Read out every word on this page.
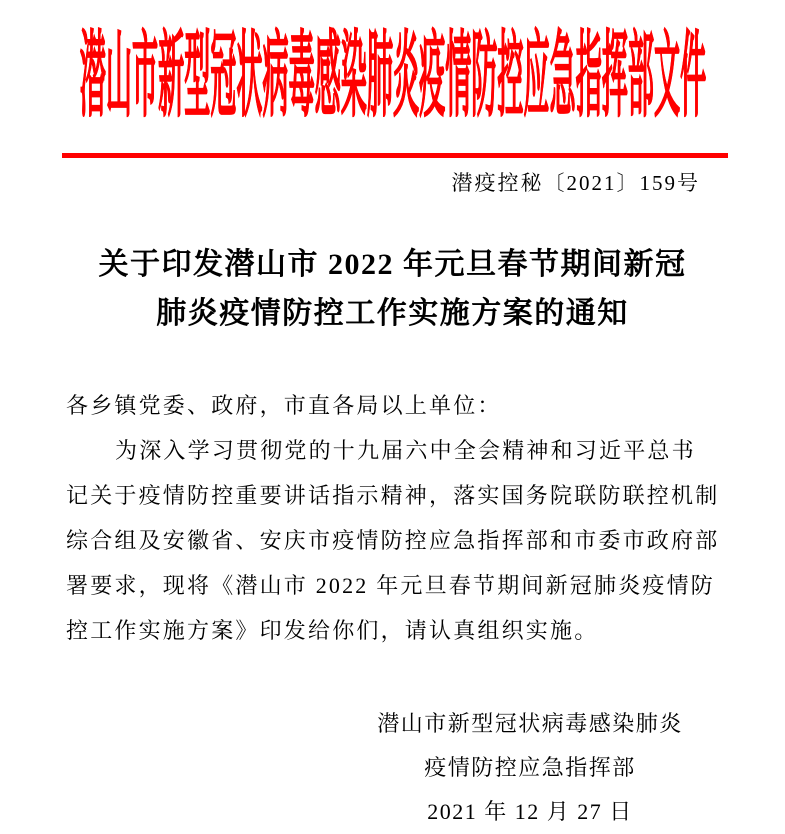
潜山市新型冠状病毒感染肺炎疫情防控应急指挥部文件
潜疫控秘〔2021〕159号
关于印发潜山市 2022 年元旦春节期间新冠
肺炎疫情防控工作实施方案的通知
各乡镇党委、政府，市直各局以上单位：
为深入学习贯彻党的十九届六中全会精神和习近平总书
记关于疫情防控重要讲话指示精神，落实国务院联防联控机制
综合组及安徽省、安庆市疫情防控应急指挥部和市委市政府部
署要求，现将《潜山市 2022 年元旦春节期间新冠肺炎疫情防
控工作实施方案》印发给你们，请认真组织实施。
潜山市新型冠状病毒感染肺炎
疫情防控应急指挥部
2021 年 12 月 27 日
